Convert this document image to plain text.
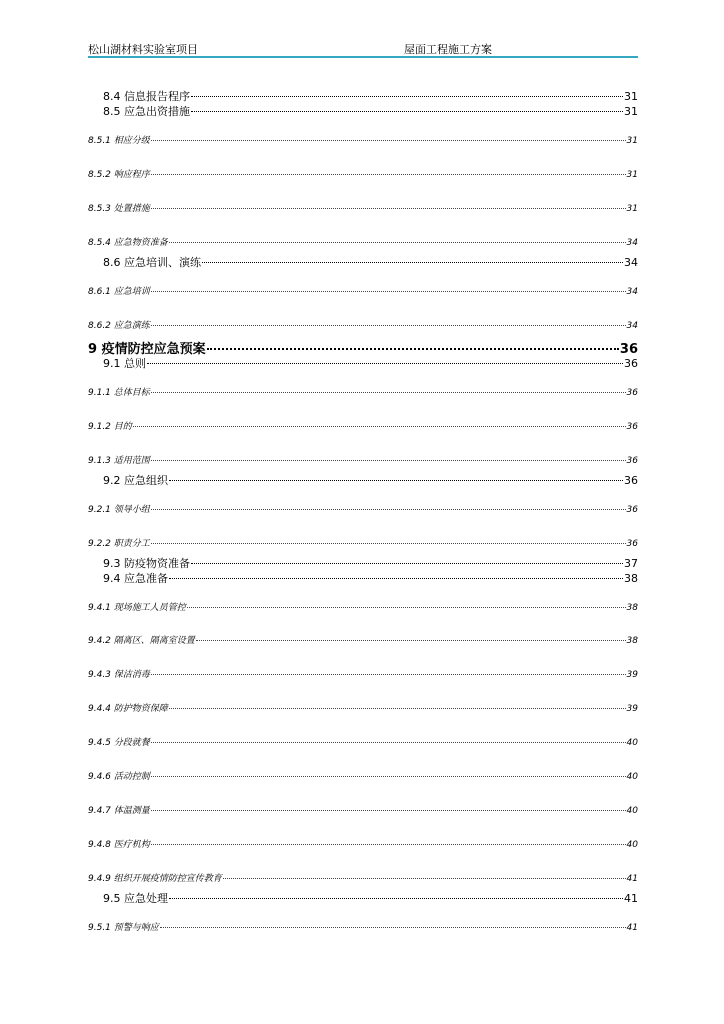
松山湖材料实验室项目	屋面工程施工方案
8.4 信息报告程序	31
8.5 应急出资措施	31
8.5.1 相应分级	31
8.5.2 响应程序	31
8.5.3 处置措施	31
8.5.4 应急物资准备	34
8.6 应急培训、演练	34
8.6.1 应急培训	34
8.6.2 应急演练	34
9 疫情防控应急预案	36
9.1 总则	36
9.1.1 总体目标	36
9.1.2 目的	36
9.1.3 适用范围	36
9.2 应急组织	36
9.2.1 领导小组	36
9.2.2 职责分工	36
9.3 防疫物资准备	37
9.4 应急准备	38
9.4.1 现场施工人员管控	38
9.4.2 隔离区、隔离室设置	38
9.4.3 保洁消毒	39
9.4.4 防护物资保障	39
9.4.5 分段就餐	40
9.4.6 活动控制	40
9.4.7 体温测量	40
9.4.8 医疗机构	40
9.4.9 组织开展疫情防控宣传教育	41
9.5 应急处理	41
9.5.1 预警与响应	41
